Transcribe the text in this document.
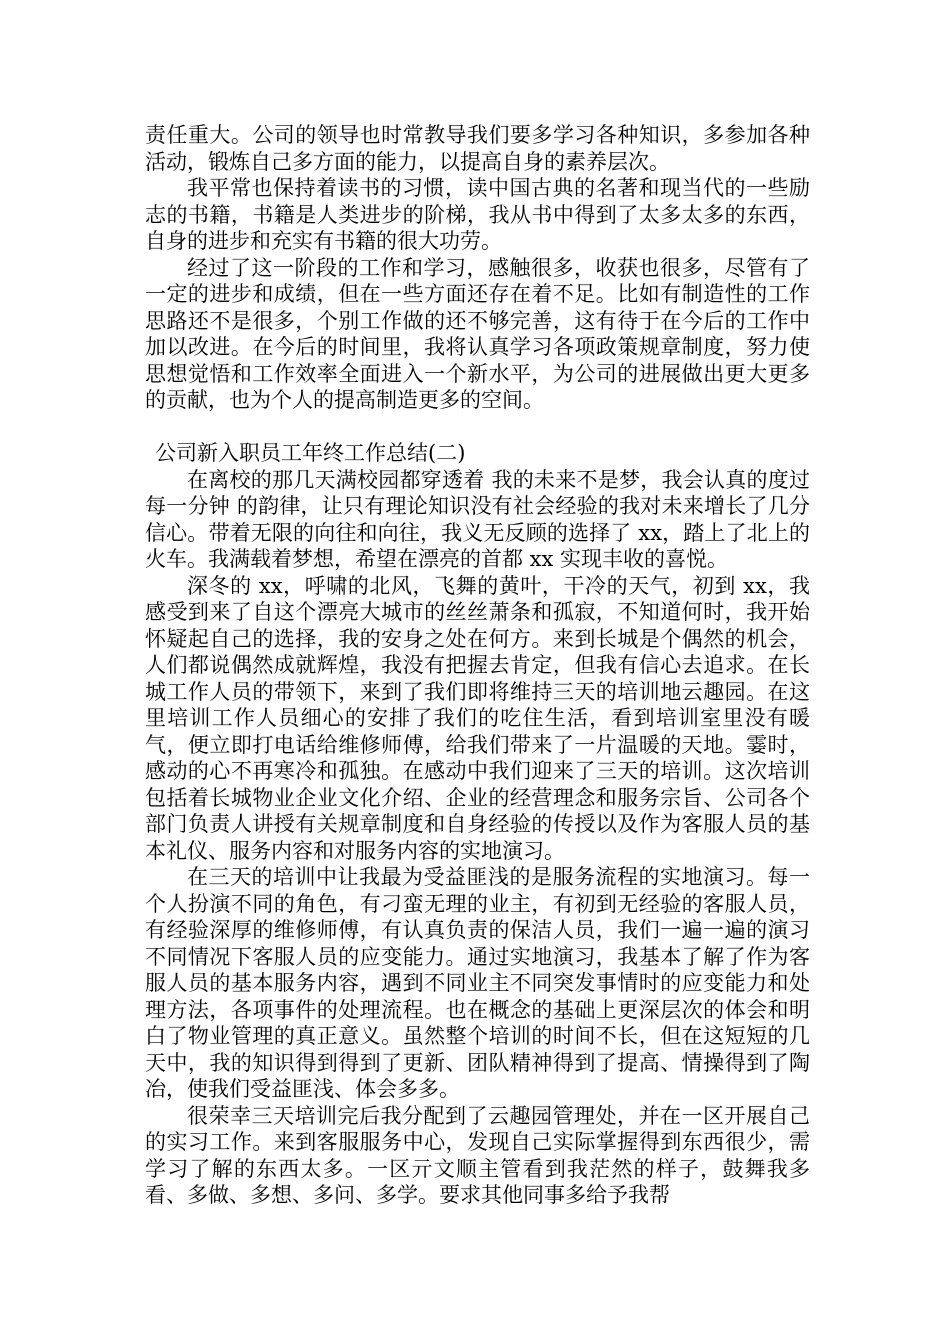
责任重大。公司的领导也时常教导我们要多学习各种知识，多参加各种活动，锻炼自己多方面的能力，以提高自身的素养层次。

我平常也保持着读书的习惯，读中国古典的名著和现当代的一些励志的书籍，书籍是人类进步的阶梯，我从书中得到了太多太多的东西，自身的进步和充实有书籍的很大功劳。

经过了这一阶段的工作和学习，感触很多，收获也很多，尽管有了一定的进步和成绩，但在一些方面还存在着不足。比如有制造性的工作思路还不是很多，个别工作做的还不够完善，这有待于在今后的工作中加以改进。在今后的时间里，我将认真学习各项政策规章制度，努力使思想觉悟和工作效率全面进入一个新水平，为公司的进展做出更大更多的贡献，也为个人的提高制造更多的空间。

公司新入职员工年终工作总结(二)

在离校的那几天满校园都穿透着 我的未来不是梦，我会认真的度过每一分钟 的韵律，让只有理论知识没有社会经验的我对未来增长了几分信心。带着无限的向往和向往，我义无反顾的选择了 xx，踏上了北上的火车。我满载着梦想，希望在漂亮的首都 xx 实现丰收的喜悦。

深冬的 xx，呼啸的北风，飞舞的黄叶，干冷的天气，初到 xx，我感受到来了自这个漂亮大城市的丝丝萧条和孤寂，不知道何时，我开始怀疑起自己的选择，我的安身之处在何方。来到长城是个偶然的机会，人们都说偶然成就辉煌，我没有把握去肯定，但我有信心去追求。在长城工作人员的带领下，来到了我们即将维持三天的培训地云趣园。在这里培训工作人员细心的安排了我们的吃住生活，看到培训室里没有暖气，便立即打电话给维修师傅，给我们带来了一片温暖的天地。霎时，感动的心不再寒冷和孤独。在感动中我们迎来了三天的培训。这次培训包括着长城物业企业文化介绍、企业的经营理念和服务宗旨、公司各个部门负责人讲授有关规章制度和自身经验的传授以及作为客服人员的基本礼仪、服务内容和对服务内容的实地演习。

在三天的培训中让我最为受益匪浅的是服务流程的实地演习。每一个人扮演不同的角色，有刁蛮无理的业主，有初到无经验的客服人员，有经验深厚的维修师傅，有认真负责的保洁人员，我们一遍一遍的演习不同情况下客服人员的应变能力。通过实地演习，我基本了解了作为客服人员的基本服务内容，遇到不同业主不同突发事情时的应变能力和处理方法，各项事件的处理流程。也在概念的基础上更深层次的体会和明白了物业管理的真正意义。虽然整个培训的时间不长，但在这短短的几天中，我的知识得到得到了更新、团队精神得到了提高、情操得到了陶冶，使我们受益匪浅、体会多多。

很荣幸三天培训完后我分配到了云趣园管理处，并在一区开展自己的实习工作。来到客服服务中心，发现自己实际掌握得到东西很少，需学习了解的东西太多。一区亓文顺主管看到我茫然的样子，鼓舞我多看、多做、多想、多问、多学。要求其他同事多给予我帮
